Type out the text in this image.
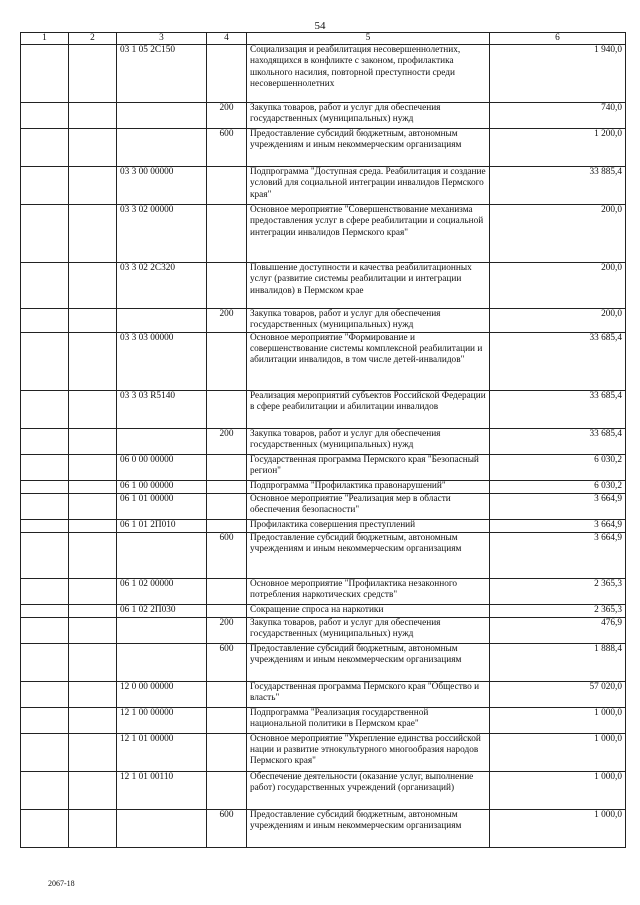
54
1	2	3	4	5	6
		03 1 05 2С150		Социализация и реабилитация несовершеннолетних, находящихся в конфликте с законом, профилактика школьного насилия, повторной преступности среди несовершеннолетних	1 940,0
			200	Закупка товаров, работ и услуг для обеспечения государственных (муниципальных) нужд	740,0
			600	Предоставление субсидий бюджетным, автономным учреждениям и иным некоммерческим организациям	1 200,0
		03 3 00 00000		Подпрограмма "Доступная среда. Реабилитация и создание условий для социальной интеграции инвалидов Пермского края"	33 885,4
		03 3 02 00000		Основное мероприятие "Совершенствование механизма предоставления услуг в сфере реабилитации и социальной интеграции инвалидов Пермского края"	200,0
		03 3 02 2С320		Повышение доступности и качества реабилитационных услуг (развитие системы реабилитации и интеграции инвалидов) в Пермском крае	200,0
			200	Закупка товаров, работ и услуг для обеспечения государственных (муниципальных) нужд	200,0
		03 3 03 00000		Основное мероприятие "Формирование и совершенствование системы комплексной реабилитации и абилитации инвалидов, в том числе детей-инвалидов"	33 685,4
		03 3 03 R5140		Реализация мероприятий субъектов Российской Федерации в сфере реабилитации и абилитации инвалидов	33 685,4
			200	Закупка товаров, работ и услуг для обеспечения государственных (муниципальных) нужд	33 685,4
		06 0 00 00000		Государственная программа Пермского края "Безопасный регион"	6 030,2
		06 1 00 00000		Подпрограмма "Профилактика правонарушений"	6 030,2
		06 1 01 00000		Основное мероприятие "Реализация мер в области обеспечения безопасности"	3 664,9
		06 1 01 2П010		Профилактика совершения преступлений	3 664,9
			600	Предоставление субсидий бюджетным, автономным учреждениям и иным некоммерческим организациям	3 664,9
		06 1 02 00000		Основное мероприятие "Профилактика незаконного потребления наркотических средств"	2 365,3
		06 1 02 2П030		Сокращение спроса на наркотики	2 365,3
			200	Закупка товаров, работ и услуг для обеспечения государственных (муниципальных) нужд	476,9
			600	Предоставление субсидий бюджетным, автономным учреждениям и иным некоммерческим организациям	1 888,4
		12 0 00 00000		Государственная программа Пермского края "Общество и власть"	57 020,0
		12 1 00 00000		Подпрограмма "Реализация государственной национальной политики в Пермском крае"	1 000,0
		12 1 01 00000		Основное мероприятие "Укрепление единства российской нации и развитие этнокультурного многообразия народов Пермского края"	1 000,0
		12 1 01 00110		Обеспечение деятельности (оказание услуг, выполнение работ) государственных учреждений (организаций)	1 000,0
			600	Предоставление субсидий бюджетным, автономным учреждениям и иным некоммерческим организациям	1 000,0
2067-18
